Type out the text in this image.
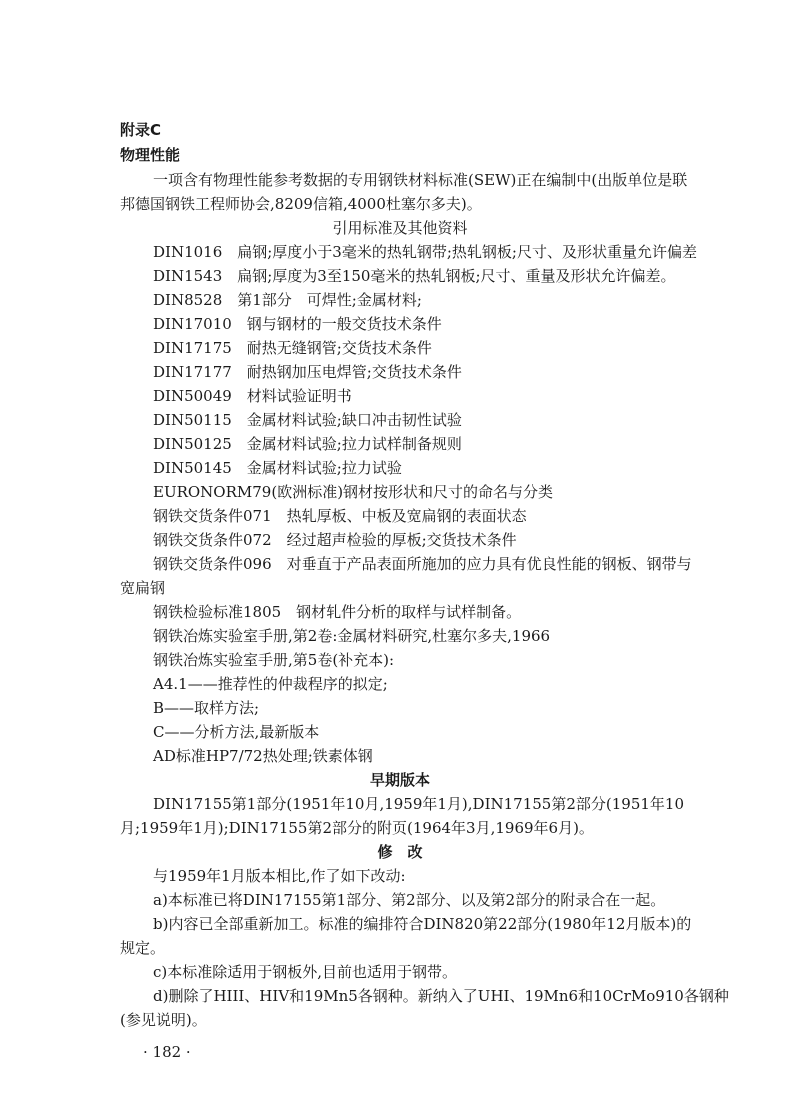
附录C
物理性能
一项含有物理性能参考数据的专用钢铁材料标准(SEW)正在编制中(出版单位是联
邦德国钢铁工程师协会,8209信箱,4000杜塞尔多夫)。
引用标准及其他资料
DIN1016　扁钢;厚度小于3毫米的热轧钢带;热轧钢板;尺寸、及形状重量允许偏差
DIN1543　扁钢;厚度为3至150毫米的热轧钢板;尺寸、重量及形状允许偏差。
DIN8528　第1部分　可焊性;金属材料;
DIN17010　钢与钢材的一般交货技术条件
DIN17175　耐热无缝钢管;交货技术条件
DIN17177　耐热钢加压电焊管;交货技术条件
DIN50049　材料试验证明书
DIN50115　金属材料试验;缺口冲击韧性试验
DIN50125　金属材料试验;拉力试样制备规则
DIN50145　金属材料试验;拉力试验
EURONORM79(欧洲标准)钢材按形状和尺寸的命名与分类
钢铁交货条件071　热轧厚板、中板及宽扁钢的表面状态
钢铁交货条件072　经过超声检验的厚板;交货技术条件
钢铁交货条件096　对垂直于产品表面所施加的应力具有优良性能的钢板、钢带与
宽扁钢
钢铁检验标准1805　钢材轧件分析的取样与试样制备。
钢铁冶炼实验室手册,第2卷:金属材料研究,杜塞尔多夫,1966
钢铁冶炼实验室手册,第5卷(补充本):
A4.1——推荐性的仲裁程序的拟定;
B——取样方法;
C——分析方法,最新版本
AD标准HP7/72热处理;铁素体钢
早期版本
DIN17155第1部分(1951年10月,1959年1月),DIN17155第2部分(1951年10
月;1959年1月);DIN17155第2部分的附页(1964年3月,1969年6月)。
修　改
与1959年1月版本相比,作了如下改动:
a)本标准已将DIN17155第1部分、第2部分、以及第2部分的附录合在一起。
b)内容已全部重新加工。标准的编排符合DIN820第22部分(1980年12月版本)的
规定。
c)本标准除适用于钢板外,目前也适用于钢带。
d)删除了HIII、HIV和19Mn5各钢种。新纳入了UHI、19Mn6和10CrMo910各钢种
(参见说明)。
· 182 ·
